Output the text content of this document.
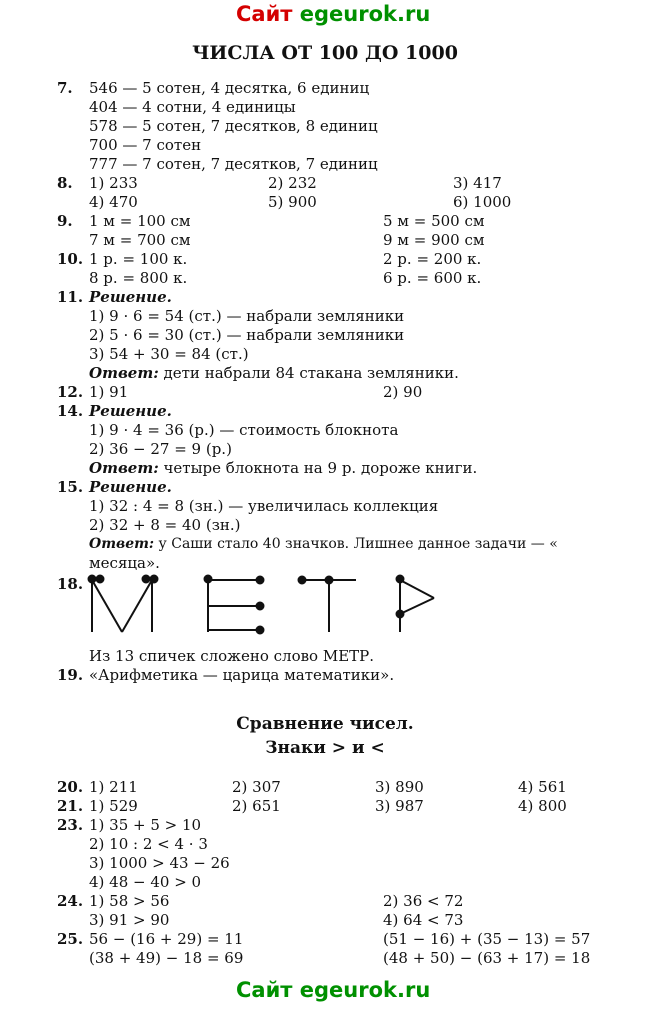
Сайт egeurok.ru
ЧИСЛА ОТ 100 ДО 1000
7. 546 — 5 сотен, 4 десятка, 6 единиц
404 — 4 сотни, 4 единицы
578 — 5 сотен, 7 десятков, 8 единиц
700 — 7 сотен
777 — 7 сотен, 7 десятков, 7 единиц
8. 1) 233	2) 232	3) 417
4) 470	5) 900	6) 1000
9. 1 м = 100 см	5 м = 500 см
7 м = 700 см	9 м = 900 см
10. 1 р. = 100 к.	2 р. = 200 к.
8 р. = 800 к.	6 р. = 600 к.
11. Решение.
1) 9 · 6 = 54 (ст.) — набрали земляники
2) 5 · 6 = 30 (ст.) — набрали земляники
3) 54 + 30 = 84 (ст.)
Ответ: дети набрали 84 стакана земляники.
12. 1) 91	2) 90
14. Решение.
1) 9 · 4 = 36 (р.) — стоимость блокнота
2) 36 − 27 = 9 (р.)
Ответ: четыре блокнота на 9 р. дороже книги.
15. Решение.
1) 32 : 4 = 8 (зн.) — увеличилась коллекция
2) 32 + 8 = 40 (зн.)
Ответ: у Саши стало 40 значков. Лишнее данное задачи — «
месяца».
18.
Из 13 спичек сложено слово МЕТР.
19. «Арифметика — царица математики».
Сравнение чисел.
Знаки > и <
20. 1) 211	2) 307	3) 890	4) 561
21. 1) 529	2) 651	3) 987	4) 800
23. 1) 35 + 5 > 10
2) 10 : 2 < 4 · 3
3) 1000 > 43 − 26
4) 48 − 40 > 0
24. 1) 58 > 56	2) 36 < 72
3) 91 > 90	4) 64 < 73
25. 56 − (16 + 29) = 11	(51 − 16) + (35 − 13) = 57
(38 + 49) − 18 = 69	(48 + 50) − (63 + 17) = 18
Сайт egeurok.ru
